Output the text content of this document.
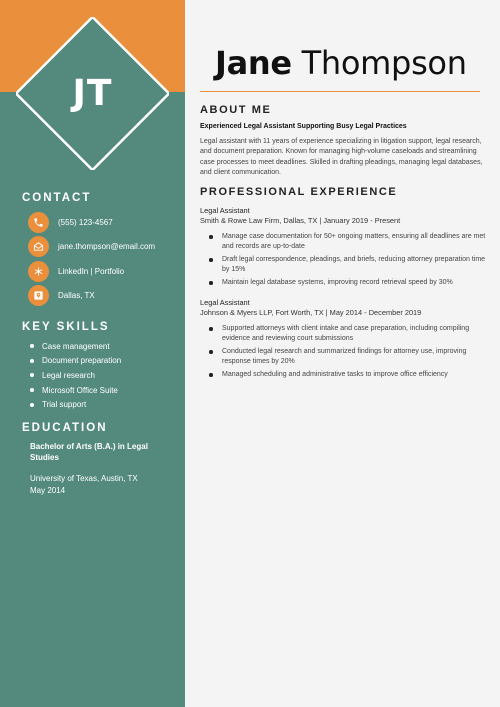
JT
CONTACT
(555) 123-4567
jane.thompson@email.com
LinkedIn | Portfolio
Dallas, TX
KEY SKILLS
Case management
Document preparation
Legal research
Microsoft Office Suite
Trial support
EDUCATION
Bachelor of Arts (B.A.) in Legal Studies
University of Texas, Austin, TX
May 2014
Jane Thompson
ABOUT ME
Experienced Legal Assistant Supporting Busy Legal Practices
Legal assistant with 11 years of experience specializing in litigation support, legal research, and document preparation. Known for managing high-volume caseloads and streamlining case processes to meet deadlines. Skilled in drafting pleadings, managing legal databases, and client communication.
PROFESSIONAL EXPERIENCE
Legal Assistant
Smith & Rowe Law Firm, Dallas, TX | January 2019 - Present
Manage case documentation for 50+ ongoing matters, ensuring all deadlines are met and records are up-to-date
Draft legal correspondence, pleadings, and briefs, reducing attorney preparation time by 15%
Maintain legal database systems, improving record retrieval speed by 30%
Legal Assistant
Johnson & Myers LLP, Fort Worth, TX | May 2014 - December 2019
Supported attorneys with client intake and case preparation, including compiling evidence and reviewing court submissions
Conducted legal research and summarized findings for attorney use, improving response times by 20%
Managed scheduling and administrative tasks to improve office efficiency
